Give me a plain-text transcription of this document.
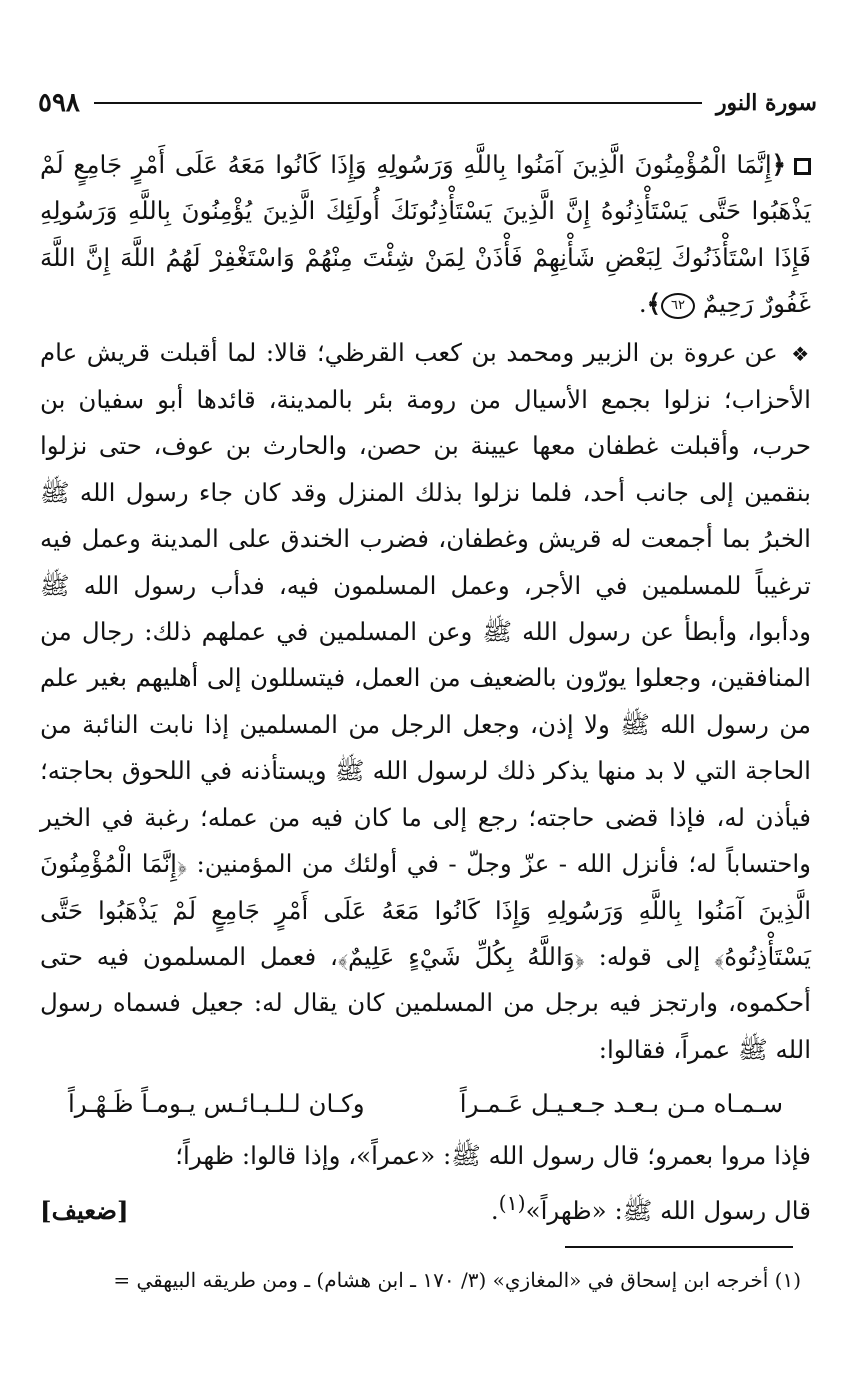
٥٩٨	سورة النور

﴿إِنَّمَا الْمُؤْمِنُونَ الَّذِينَ آمَنُوا بِاللَّهِ وَرَسُولِهِ وَإِذَا كَانُوا مَعَهُ عَلَى أَمْرٍ جَامِعٍ لَمْ يَذْهَبُوا حَتَّى يَسْتَأْذِنُوهُ إِنَّ الَّذِينَ يَسْتَأْذِنُونَكَ أُولَئِكَ الَّذِينَ يُؤْمِنُونَ بِاللَّهِ وَرَسُولِهِ فَإِذَا اسْتَأْذَنُوكَ لِبَعْضِ شَأْنِهِمْ فَأْذَنْ لِمَنْ شِئْتَ مِنْهُمْ وَاسْتَغْفِرْ لَهُمُ اللَّهَ إِنَّ اللَّهَ غَفُورٌ رَحِيمٌ ٦٢﴾.

❖ عن عروة بن الزبير ومحمد بن كعب القرظي؛ قالا: لما أقبلت قريش عام الأحزاب؛ نزلوا بجمع الأسيال من رومة بئر بالمدينة، قائدها أبو سفيان بن حرب، وأقبلت غطفان معها عيينة بن حصن، والحارث بن عوف، حتى نزلوا بنقمين إلى جانب أحد، فلما نزلوا بذلك المنزل وقد كان جاء رسول الله ﷺ الخبرُ بما أجمعت له قريش وغطفان، فضرب الخندق على المدينة وعمل فيه ترغيباً للمسلمين في الأجر، وعمل المسلمون فيه، فدأب رسول الله ﷺ ودأبوا، وأبطأ عن رسول الله ﷺ وعن المسلمين في عملهم ذلك: رجال من المنافقين، وجعلوا يورّون بالضعيف من العمل، فيتسللون إلى أهليهم بغير علم من رسول الله ﷺ ولا إذن، وجعل الرجل من المسلمين إذا نابت النائبة من الحاجة التي لا بد منها يذكر ذلك لرسول الله ﷺ ويستأذنه في اللحوق بحاجته؛ فيأذن له، فإذا قضى حاجته؛ رجع إلى ما كان فيه من عمله؛ رغبة في الخير واحتساباً له؛ فأنزل الله - عزّ وجلّ - في أولئك من المؤمنين: ﴿إِنَّمَا الْمُؤْمِنُونَ الَّذِينَ آمَنُوا بِاللَّهِ وَرَسُولِهِ وَإِذَا كَانُوا مَعَهُ عَلَى أَمْرٍ جَامِعٍ لَمْ يَذْهَبُوا حَتَّى يَسْتَأْذِنُوهُ﴾ إلى قوله: ﴿وَاللَّهُ بِكُلِّ شَيْءٍ عَلِيمٌ﴾، فعمل المسلمون فيه حتى أحكموه، وارتجز فيه برجل من المسلمين كان يقال له: جعيل فسماه رسول الله ﷺ عمراً، فقالوا:

سـمـاه مـن بـعـد جـعـيـل عَـمـراً
وكـان لـلـبـائـس يـومـاً ظَـهْـراً
فإذا مروا بعمرو؛ قال رسول الله ﷺ: «عمراً»، وإذا قالوا: ظهراً؛
قال رسول الله ﷺ: «ظهراً»$^{(١)}$.
[ضعيف]
(١) أخرجه ابن إسحاق في «المغازي» (٣/ ١٧٠ ـ ابن هشام) ـ ومن طريقه البيهقي =
